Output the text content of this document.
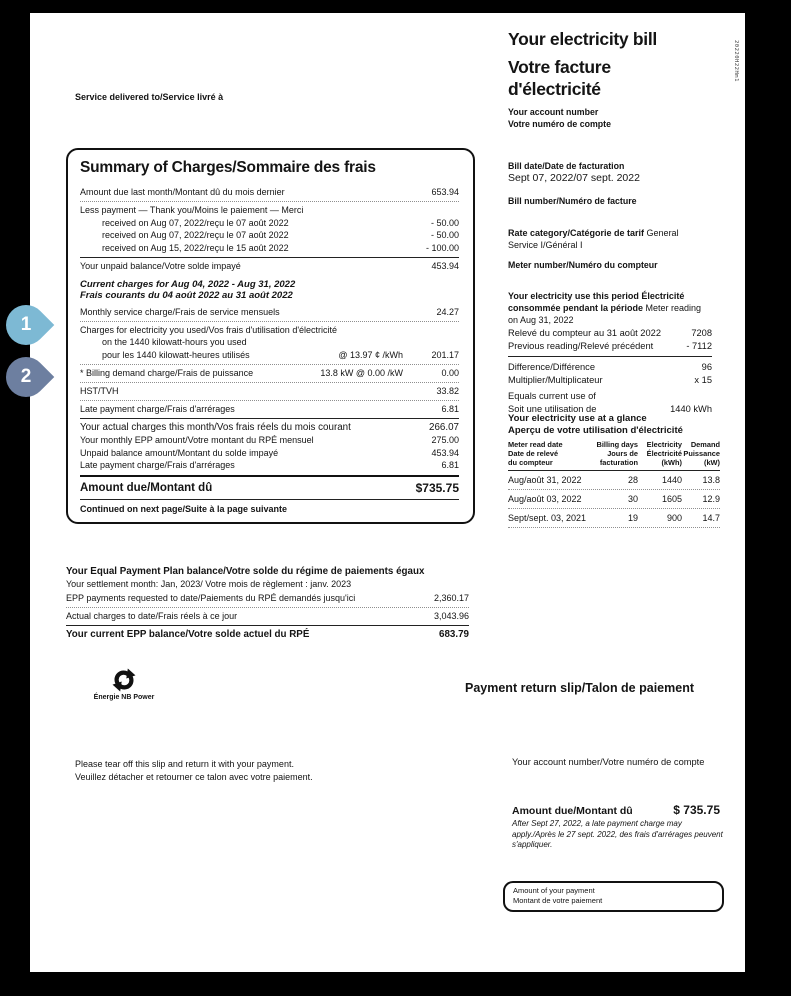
1
2
Service delivered to/Service livré à
Summary of Charges/Sommaire des frais
Amount due last month/Montant dû du mois dernier	653.94
Less payment — Thank you/Moins le paiement — Merci
received on Aug 07, 2022/reçu le 07 août 2022	- 50.00
received on Aug 07, 2022/reçu le 07 août 2022	- 50.00
received on Aug 15, 2022/reçu le 15 août 2022	- 100.00
Your unpaid balance/Votre solde impayé	453.94
Current charges for Aug 04, 2022 - Aug 31, 2022
Frais courants du 04 août 2022 au 31 août 2022
Monthly service charge/Frais de service mensuels	24.27
Charges for electricity you used/Vos frais d'utilisation d'électricité
on the 1440 kilowatt-hours you used
pour les 1440 kilowatt-heures utilisés	@ 13.97 ¢ /kWh	201.17
* Billing demand charge/Frais de puissance	13.8 kW @ 0.00 /kW	0.00
HST/TVH	33.82
Late payment charge/Frais d'arrérages	6.81
Your actual charges this month/Vos frais réels du mois courant	266.07
Your monthly EPP amount/Votre montant du RPÉ mensuel	275.00
Unpaid balance amount/Montant du solde impayé	453.94
Late payment charge/Frais d'arrérages	6.81
Amount due/Montant dû	$735.75
Continued on next page/Suite à la page suivante
Your Equal Payment Plan balance/Votre solde du régime de paiements égaux
Your settlement month: Jan, 2023/ Votre mois de règlement : janv. 2023
EPP payments requested to date/Paiements du RPÉ demandés jusqu'ici	2,360.17
Actual charges to date/Frais réels à ce jour	3,043.96
Your current EPP balance/Votre solde actuel du RPÉ	683.79
Énergie NB Power
Please tear off this slip and return it with your payment.
Veuillez détacher et retourner ce talon avec votre paiement.
Your electricity bill
Votre facture d'électricité
20220H22Hm1
Your account number
Votre numéro de compte
Bill date/Date de facturation
Sept 07, 2022/07 sept. 2022
Bill number/Numéro de facture
Rate category/Catégorie de tarif General
Service I/Général I
Meter number/Numéro du compteur

Your electricity use this period Électricité consommée pendant la période Meter reading on Aug 31, 2022

Relevé du compteur au 31 août 2022	7208
Previous reading/Relevé précédent	- 7112
Difference/Différence	96
Multiplier/Multiplicateur	x 15
Equals current use of
Soit une utilisation de	1440 kWh
Your electricity use at a glance
Aperçu de votre utilisation d'électricité
Meter read date
Date de relevé
du compteur
Billing days
Jours de
facturation
Electricity
Électricité
(kWh)
Demand
Puissance
(kW)
Aug/août 31, 2022	28	1440	13.8
Aug/août 03, 2022	30	1605	12.9
Sept/sept. 03, 2021	19	900	14.7
Payment return slip/Talon de paiement
Your account number/Votre numéro de compte
Amount due/Montant dû	$ 735.75
After Sept 27, 2022, a late payment charge may apply./Après le 27 sept. 2022, des frais d'arrérages peuvent s'appliquer.
Amount of your payment
Montant de votre paiement
